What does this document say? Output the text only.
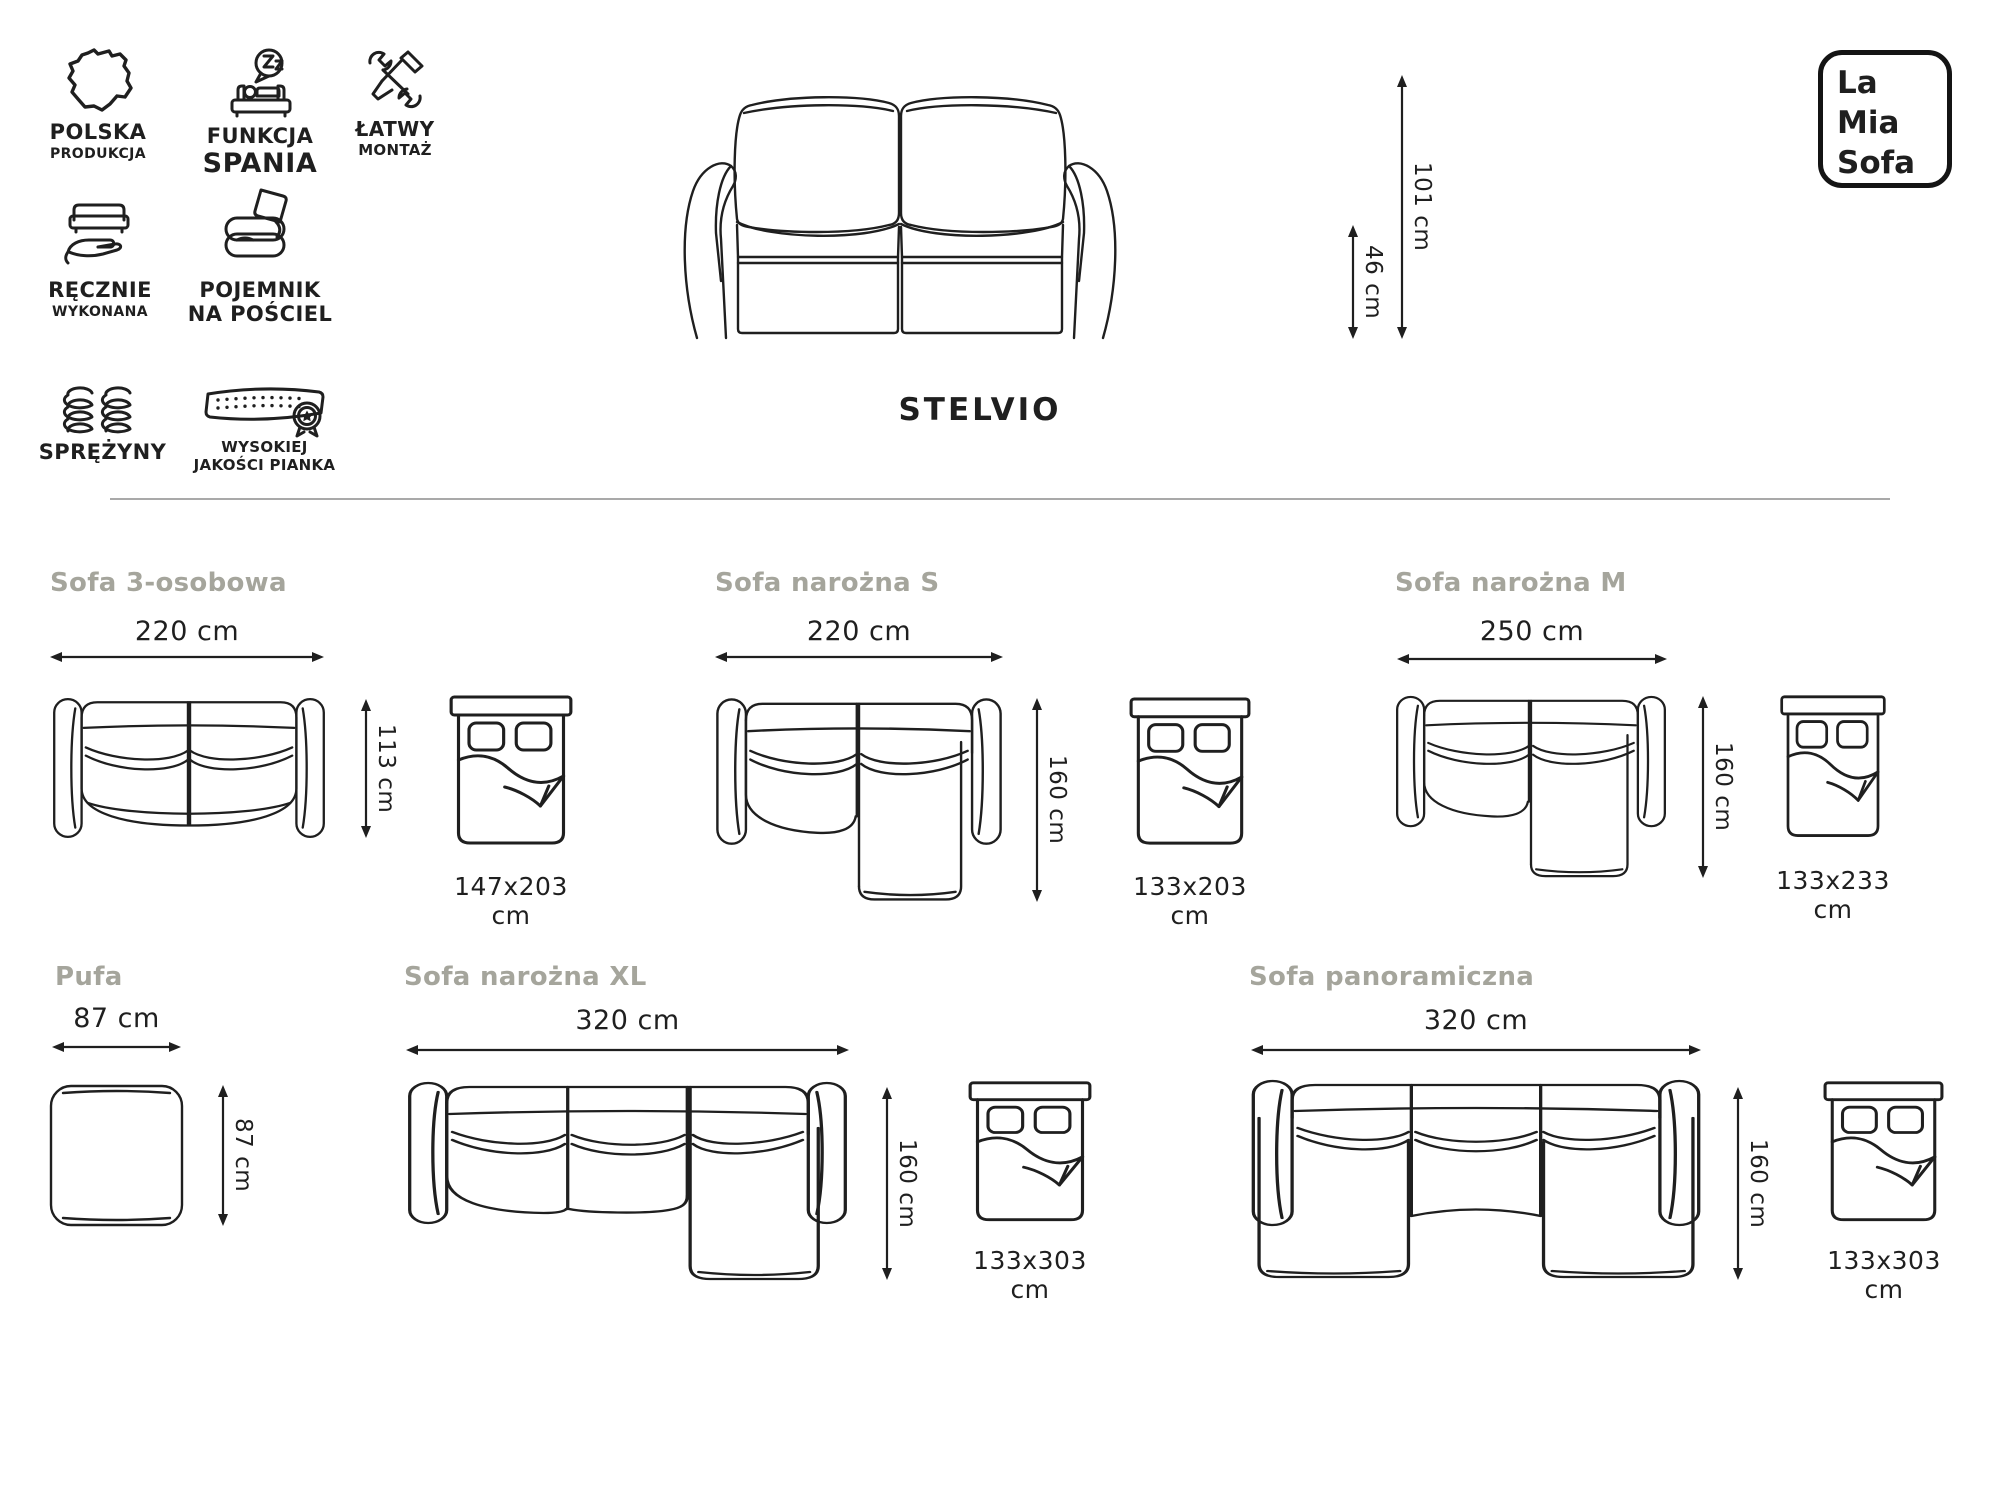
POLSKA
PRODUKCJA
FUNKCJA
SPANIA
ŁATWY
MONTAŻ
RĘCZNIE
WYKONANA
POJEMNIK
NA POŚCIEL
SPRĘŻYNY	WYSOKIEJ
JAKOŚCI PIANKA
46 cm
101 cm
STELVIO
La
Mia
Sofa
Sofa 3-osobowa
220 cm
113 cm
147x203 cm
Sofa narożna S
220 cm
160 cm
133x203 cm
Sofa narożna M
250 cm
160 cm
133x233 cm
Pufa
87 cm
87 cm
Sofa narożna XL
320 cm
160 cm
133x303 cm
Sofa panoramiczna
320 cm
160 cm
133x303 cm
